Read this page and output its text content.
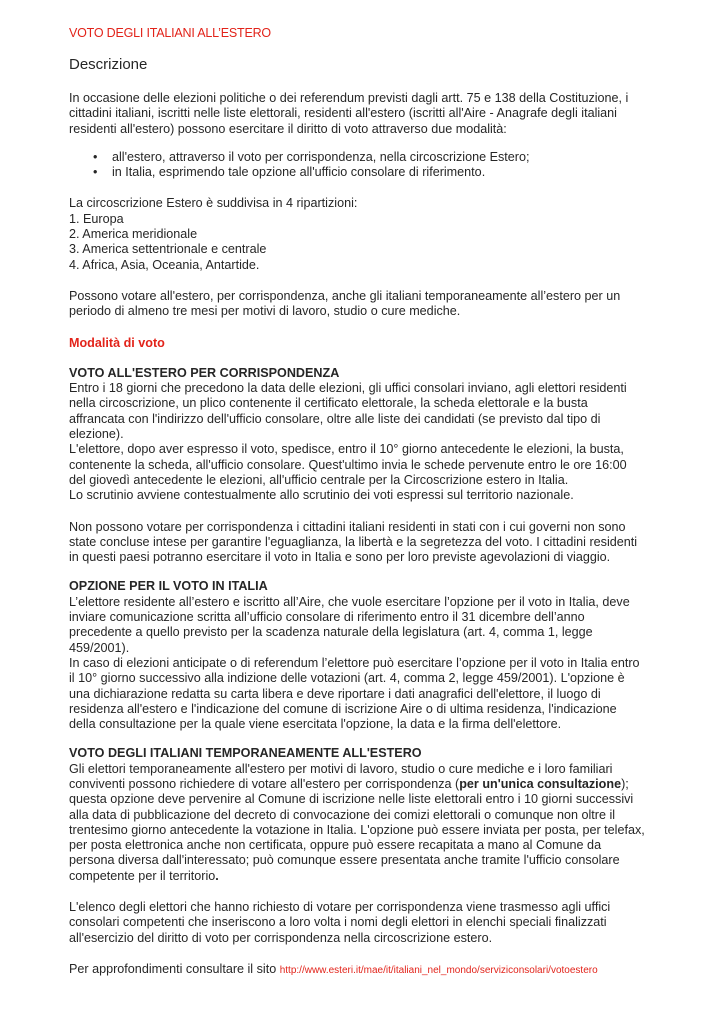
VOTO DEGLI ITALIANI ALL’ESTERO
Descrizione

In occasione delle elezioni politiche o dei referendum previsti dagli artt. 75 e 138 della Costituzione, i
cittadini italiani, iscritti nelle liste elettorali, residenti all'estero (iscritti all'Aire - Anagrafe degli italiani
residenti all'estero) possono esercitare il diritto di voto attraverso due modalità:

• all'estero, attraverso il voto per corrispondenza, nella circoscrizione Estero;
• in Italia, esprimendo tale opzione all'ufficio consolare di riferimento.

La circoscrizione Estero è suddivisa in 4 ripartizioni:
1. Europa
2. America meridionale
3. America settentrionale e centrale
4. Africa, Asia, Oceania, Antartide.

Possono votare all'estero, per corrispondenza, anche gli italiani temporaneamente all’estero per un
periodo di almeno tre mesi per motivi di lavoro, studio o cure mediche.

Modalità di voto
VOTO ALL'ESTERO PER CORRISPONDENZA

Entro i 18 giorni che precedono la data delle elezioni, gli uffici consolari inviano, agli elettori residenti
nella circoscrizione, un plico contenente il certificato elettorale, la scheda elettorale e la busta
affrancata con l'indirizzo dell'ufficio consolare, oltre alle liste dei candidati (se previsto dal tipo di
elezione).
L'elettore, dopo aver espresso il voto, spedisce, entro il 10° giorno antecedente le elezioni, la busta,
contenente la scheda, all'ufficio consolare. Quest'ultimo invia le schede pervenute entro le ore 16:00
del giovedì antecedente le elezioni, all'ufficio centrale per la Circoscrizione estero in Italia.
Lo scrutinio avviene contestualmente allo scrutinio dei voti espressi sul territorio nazionale.

Non possono votare per corrispondenza i cittadini italiani residenti in stati con i cui governi non sono
state concluse intese per garantire l'eguaglianza, la libertà e la segretezza del voto. I cittadini residenti
in questi paesi potranno esercitare il voto in Italia e sono per loro previste agevolazioni di viaggio.

OPZIONE PER IL VOTO IN ITALIA

L’elettore residente all’estero e iscritto all’Aire, che vuole esercitare l’opzione per il voto in Italia, deve
inviare comunicazione scritta all’ufficio consolare di riferimento entro il 31 dicembre dell’anno
precedente a quello previsto per la scadenza naturale della legislatura (art. 4, comma 1, legge
459/2001).
In caso di elezioni anticipate o di referendum l’elettore può esercitare l’opzione per il voto in Italia entro
il 10° giorno successivo alla indizione delle votazioni (art. 4, comma 2, legge 459/2001). L'opzione è
una dichiarazione redatta su carta libera e deve riportare i dati anagrafici dell'elettore, il luogo di
residenza all'estero e l'indicazione del comune di iscrizione Aire o di ultima residenza, l'indicazione
della consultazione per la quale viene esercitata l'opzione, la data e la firma dell'elettore.

VOTO DEGLI ITALIANI TEMPORANEAMENTE ALL'ESTERO

Gli elettori temporaneamente all'estero per motivi di lavoro, studio o cure mediche e i loro familiari
conviventi possono richiedere di votare all'estero per corrispondenza (per un'unica consultazione);
questa opzione deve pervenire al Comune di iscrizione nelle liste elettorali entro i 10 giorni successivi
alla data di pubblicazione del decreto di convocazione dei comizi elettorali o comunque non oltre il
trentesimo giorno antecedente la votazione in Italia. L'opzione può essere inviata per posta, per telefax,
per posta elettronica anche non certificata, oppure può essere recapitata a mano al Comune da
persona diversa dall'interessato; può comunque essere presentata anche tramite l'ufficio consolare
competente per il territorio.

L'elenco degli elettori che hanno richiesto di votare per corrispondenza viene trasmesso agli uffici
consolari competenti che inseriscono a loro volta i nomi degli elettori in elenchi speciali finalizzati
all'esercizio del diritto di voto per corrispondenza nella circoscrizione estero.

Per approfondimenti consultare il sito http://www.esteri.it/mae/it/italiani_nel_mondo/serviziconsolari/votoestero
